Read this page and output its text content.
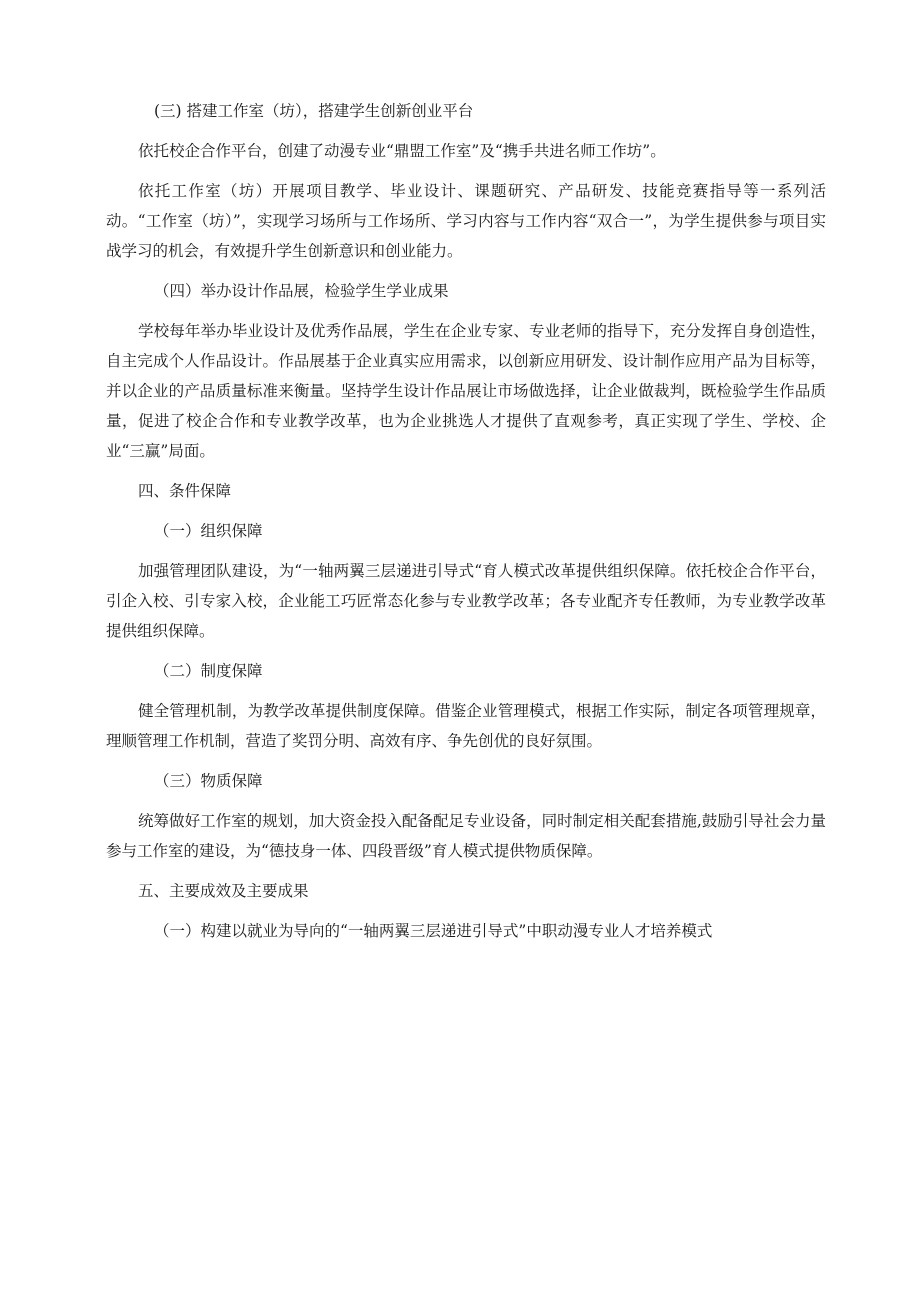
(三) 搭建工作室（坊），搭建学生创新创业平台

依托校企合作平台，创建了动漫专业“鼎盟工作室”及“携手共进名师工作坊”。

依托工作室（坊）开展项目教学、毕业设计、课题研究、产品研发、技能竞赛指导等一系列活动。“工作室（坊）”，实现学习场所与工作场所、学习内容与工作内容“双合一”，为学生提供参与项目实战学习的机会，有效提升学生创新意识和创业能力。

（四）举办设计作品展，检验学生学业成果

学校每年举办毕业设计及优秀作品展，学生在企业专家、专业老师的指导下，充分发挥自身创造性，自主完成个人作品设计。作品展基于企业真实应用需求，以创新应用研发、设计制作应用产品为目标等，并以企业的产品质量标准来衡量。坚持学生设计作品展让市场做选择，让企业做裁判，既检验学生作品质量，促进了校企合作和专业教学改革，也为企业挑选人才提供了直观参考，真正实现了学生、学校、企业“三赢”局面。

四、条件保障

（一）组织保障

加强管理团队建设，为“一轴两翼三层递进引导式“育人模式改革提供组织保障。依托校企合作平台，引企入校、引专家入校，企业能工巧匠常态化参与专业教学改革；各专业配齐专任教师，为专业教学改革提供组织保障。

（二）制度保障

健全管理机制，为教学改革提供制度保障。借鉴企业管理模式，根据工作实际，制定各项管理规章，理顺管理工作机制，营造了奖罚分明、高效有序、争先创优的良好氛围。

（三）物质保障

统筹做好工作室的规划，加大资金投入配备配足专业设备，同时制定相关配套措施,鼓励引导社会力量参与工作室的建设，为“德技身一体、四段晋级”育人模式提供物质保障。

五、主要成效及主要成果

（一）构建以就业为导向的“一轴两翼三层递进引导式”中职动漫专业人才培养模式
